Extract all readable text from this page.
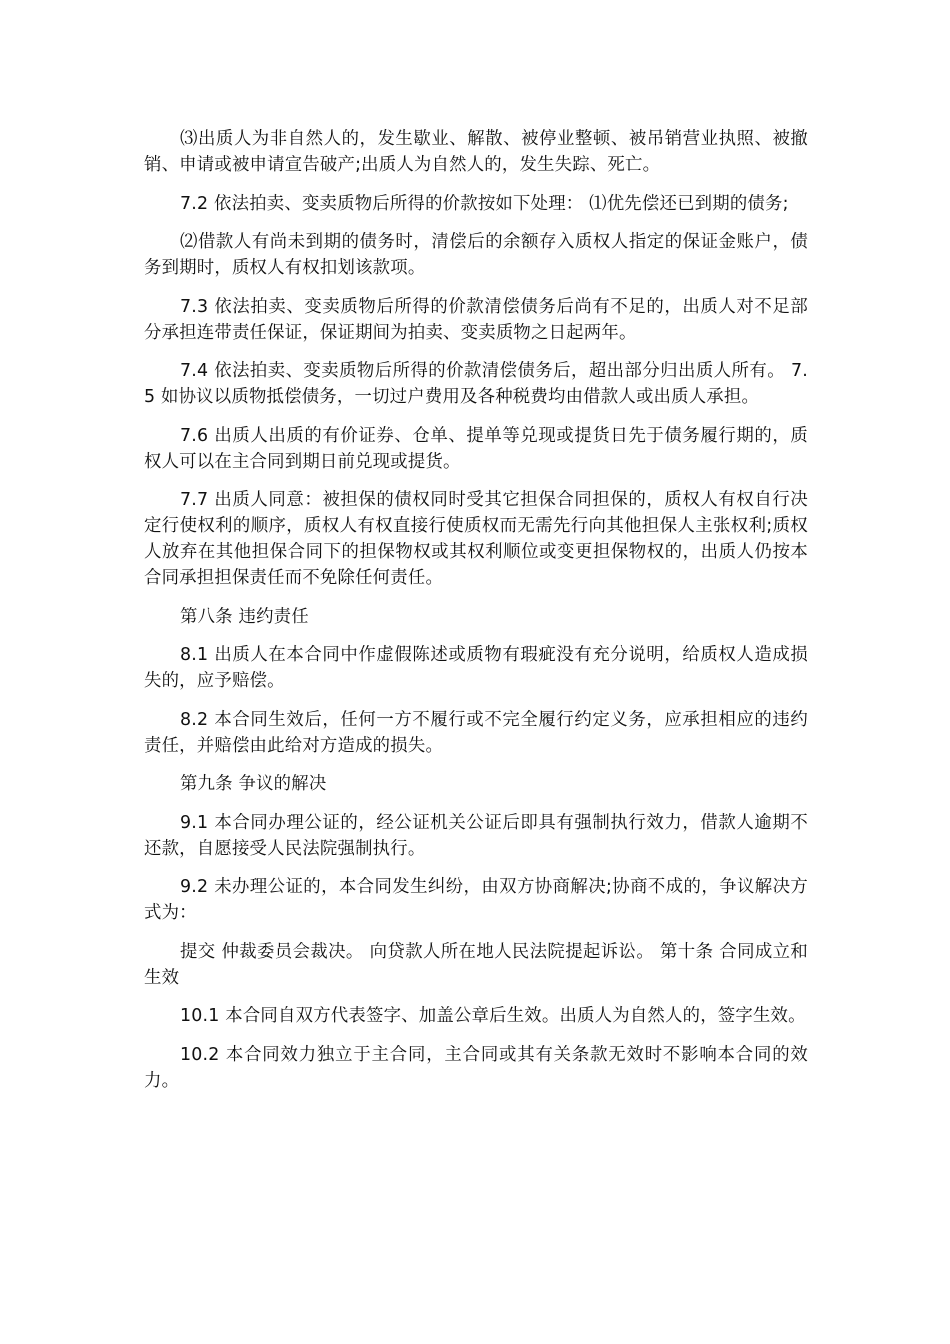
⑶出质人为非自然人的，发生歇业、解散、被停业整顿、被吊销营业执照、被撤销、申请或被申请宣告破产;出质人为自然人的，发生失踪、死亡。

7.2 依法拍卖、变卖质物后所得的价款按如下处理： ⑴优先偿还已到期的债务;

⑵借款人有尚未到期的债务时，清偿后的余额存入质权人指定的保证金账户，债务到期时，质权人有权扣划该款项。

7.3 依法拍卖、变卖质物后所得的价款清偿债务后尚有不足的，出质人对不足部分承担连带责任保证，保证期间为拍卖、变卖质物之日起两年。

7.4 依法拍卖、变卖质物后所得的价款清偿债务后，超出部分归出质人所有。 7.5 如协议以质物抵偿债务，一切过户费用及各种税费均由借款人或出质人承担。

7.6 出质人出质的有价证券、仓单、提单等兑现或提货日先于债务履行期的，质权人可以在主合同到期日前兑现或提货。

7.7 出质人同意：被担保的债权同时受其它担保合同担保的，质权人有权自行决定行使权利的顺序，质权人有权直接行使质权而无需先行向其他担保人主张权利;质权人放弃在其他担保合同下的担保物权或其权利顺位或变更担保物权的，出质人仍按本合同承担担保责任而不免除任何责任。

第八条 违约责任

8.1 出质人在本合同中作虚假陈述或质物有瑕疵没有充分说明，给质权人造成损失的，应予赔偿。

8.2 本合同生效后，任何一方不履行或不完全履行约定义务，应承担相应的违约责任，并赔偿由此给对方造成的损失。

第九条 争议的解决

9.1 本合同办理公证的，经公证机关公证后即具有强制执行效力，借款人逾期不还款，自愿接受人民法院强制执行。

9.2 未办理公证的，本合同发生纠纷，由双方协商解决;协商不成的，争议解决方式为：

提交 仲裁委员会裁决。 向贷款人所在地人民法院提起诉讼。 第十条 合同成立和生效

10.1 本合同自双方代表签字、加盖公章后生效。出质人为自然人的，签字生效。

10.2 本合同效力独立于主合同，主合同或其有关条款无效时不影响本合同的效力。
